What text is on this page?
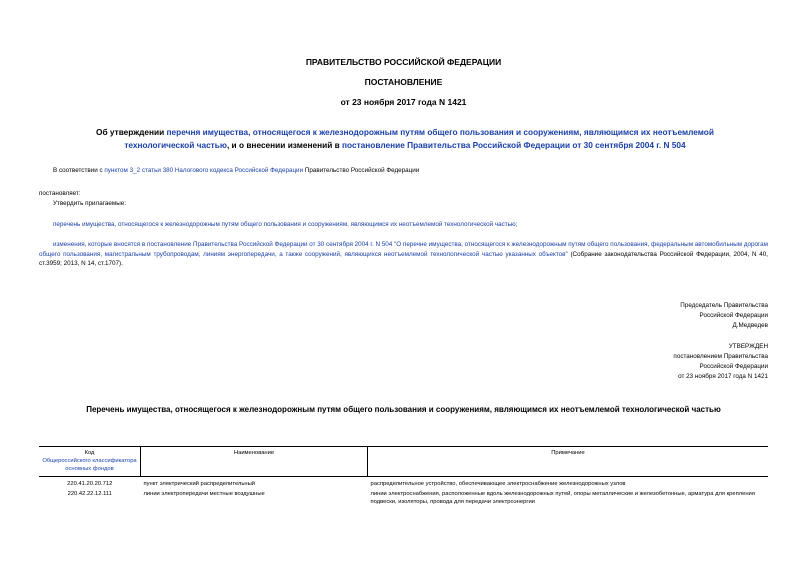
ПРАВИТЕЛЬСТВО РОССИЙСКОЙ ФЕДЕРАЦИИ
ПОСТАНОВЛЕНИЕ
от 23 ноября 2017 года N 1421
Об утверждении перечня имущества, относящегося к железнодорожным путям общего пользования и сооружениям, являющимся их неотъемлемой технологической частью, и о внесении изменений в постановление Правительства Российской Федерации от 30 сентября 2004 г. N 504
В соответствии с пунктом 3_2 статьи 380 Налогового кодекса Российской Федерации Правительство Российской Федерации
постановляет:
Утвердить прилагаемые:
перечень имущества, относящегося к железнодорожным путям общего пользования и сооружениям, являющимся их неотъемлемой технологической частью;
изменения, которые вносятся в постановление Правительства Российской Федерации от 30 сентября 2004 г. N 504 "О перечне имущества, относящегося к железнодорожным путям общего пользования, федеральным автомобильным дорогам общего пользования, магистральным трубопроводам, линиям энергопередачи, а также сооружений, являющихся неотъемлемой технологической частью указанных объектов" (Собрание законодательства Российской Федерации, 2004, N 40, ст.3959; 2013, N 14, ст.1707).
Председатель Правительства
Российской Федерации
Д.Медведев
УТВЕРЖДЕН
постановлением Правительства
Российской Федерации
от 23 ноября 2017 года N 1421
Перечень имущества, относящегося к железнодорожным путям общего пользования и сооружениям, являющимся их неотъемлемой технологической частью
Код
Общероссийского классификатора основных фондов	Наименование	Примечание
220.41.20.20.712	пункт электрический распределительный	распределительное устройство, обеспечивающее электроснабжение железнодорожных узлов
220.42.22.12.111	линии электропередачи местные воздушные	линии электроснабжения, расположенные вдоль железнодорожных путей, опоры металлические и железобетонные, арматура для крепления подвески, изоляторы, провода для передачи электроэнергии
